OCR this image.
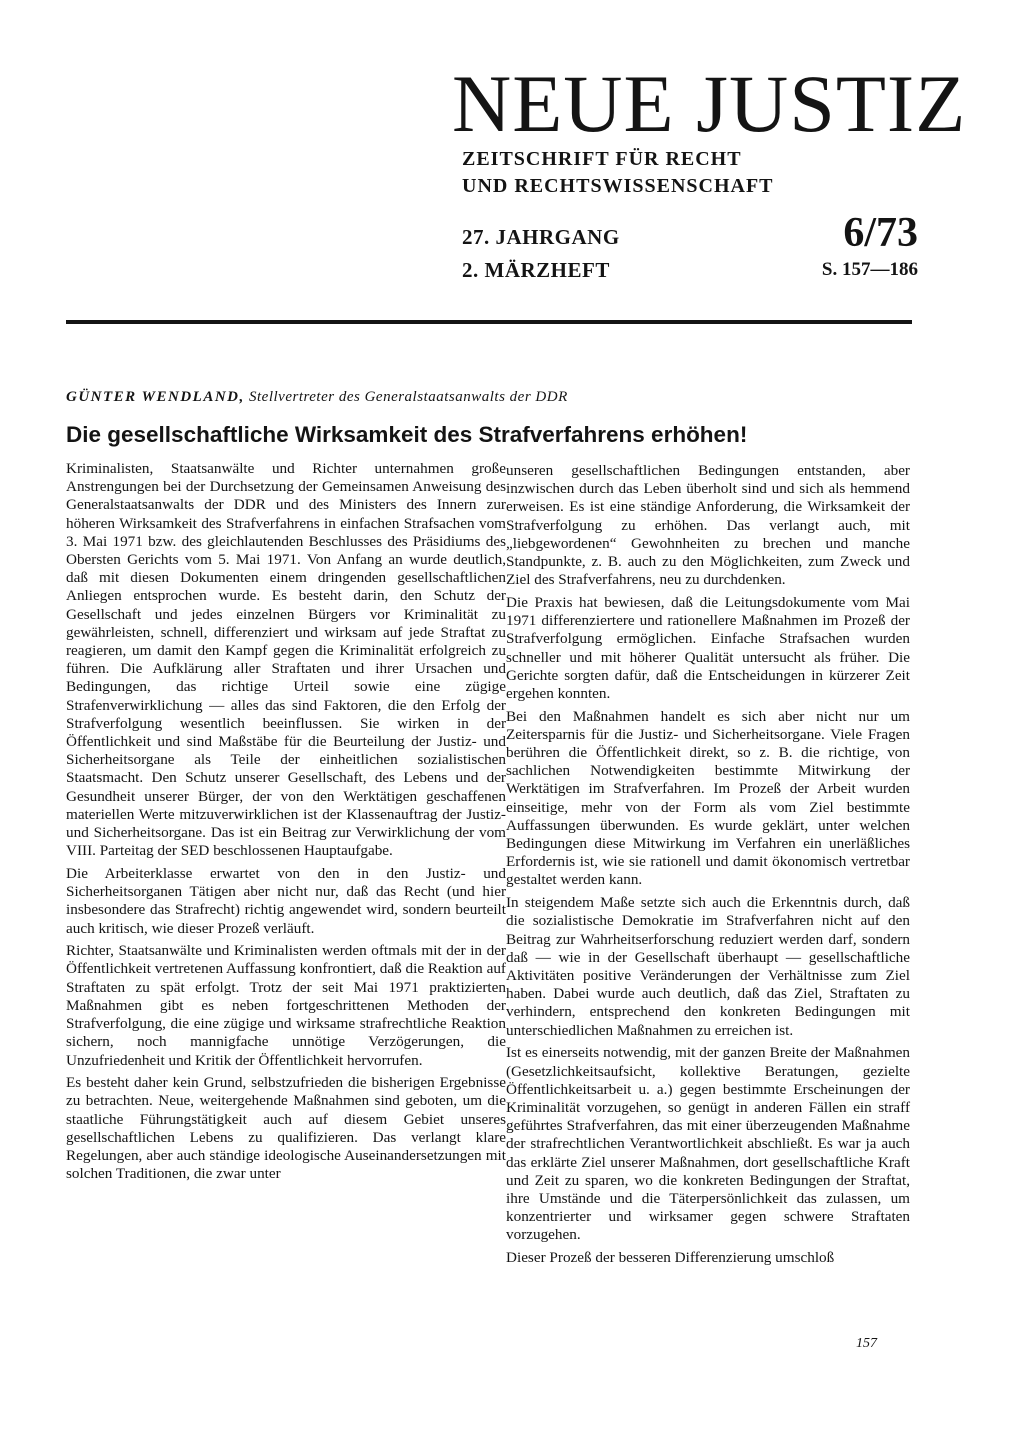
NEUE JUSTIZ
ZEITSCHRIFT FÜR RECHT
UND RECHTSWISSENSCHAFT
27. JAHRGANG
2. MÄRZHEFT
6/73
S. 157—186
GÜNTER WENDLAND, Stellvertreter des Generalstaatsanwalts der DDR
Die gesellschaftliche Wirksamkeit des Strafverfahrens erhöhen!

Kriminalisten, Staatsanwälte und Richter unternahmen große Anstrengungen bei der Durchsetzung der Gemeinsamen Anweisung des Generalstaatsanwalts der DDR und des Ministers des Innern zur höheren Wirksamkeit des Strafverfahrens in einfachen Strafsachen vom 3. Mai 1971 bzw. des gleichlautenden Beschlusses des Präsidiums des Obersten Gerichts vom 5. Mai 1971. Von Anfang an wurde deutlich, daß mit diesen Dokumenten einem dringenden gesellschaftlichen Anliegen entsprochen wurde. Es besteht darin, den Schutz der Gesellschaft und jedes einzelnen Bürgers vor Kriminalität zu gewährleisten, schnell, differenziert und wirksam auf jede Straftat zu reagieren, um damit den Kampf gegen die Kriminalität erfolgreich zu führen. Die Aufklärung aller Straftaten und ihrer Ursachen und Bedingungen, das richtige Urteil sowie eine zügige Strafenverwirklichung — alles das sind Faktoren, die den Erfolg der Strafverfolgung wesentlich beeinflussen. Sie wirken in der Öffentlichkeit und sind Maßstäbe für die Beurteilung der Justiz- und Sicherheitsorgane als Teile der einheitlichen sozialistischen Staatsmacht. Den Schutz unserer Gesellschaft, des Lebens und der Gesundheit unserer Bürger, der von den Werktätigen geschaffenen materiellen Werte mitzuverwirklichen ist der Klassenauftrag der Justiz- und Sicherheitsorgane. Das ist ein Beitrag zur Verwirklichung der vom VIII. Parteitag der SED beschlossenen Hauptaufgabe.

Die Arbeiterklasse erwartet von den in den Justiz- und Sicherheitsorganen Tätigen aber nicht nur, daß das Recht (und hier insbesondere das Strafrecht) richtig angewendet wird, sondern beurteilt auch kritisch, wie dieser Prozeß verläuft.

Richter, Staatsanwälte und Kriminalisten werden oftmals mit der in der Öffentlichkeit vertretenen Auffassung konfrontiert, daß die Reaktion auf Straftaten zu spät erfolgt. Trotz der seit Mai 1971 praktizierten Maßnahmen gibt es neben fortgeschrittenen Methoden der Strafverfolgung, die eine zügige und wirksame strafrechtliche Reaktion sichern, noch mannigfache unnötige Verzögerungen, die Unzufriedenheit und Kritik der Öffentlichkeit hervorrufen.

Es besteht daher kein Grund, selbstzufrieden die bisherigen Ergebnisse zu betrachten. Neue, weitergehende Maßnahmen sind geboten, um die staatliche Führungstätigkeit auch auf diesem Gebiet unseres gesellschaftlichen Lebens zu qualifizieren. Das verlangt klare Regelungen, aber auch ständige ideologische Auseinandersetzungen mit solchen Traditionen, die zwar unter

unseren gesellschaftlichen Bedingungen entstanden, aber inzwischen durch das Leben überholt sind und sich als hemmend erweisen. Es ist eine ständige Anforderung, die Wirksamkeit der Strafverfolgung zu erhöhen. Das verlangt auch, mit „liebgewordenen“ Gewohnheiten zu brechen und manche Standpunkte, z. B. auch zu den Möglichkeiten, zum Zweck und Ziel des Strafverfahrens, neu zu durchdenken.

Die Praxis hat bewiesen, daß die Leitungsdokumente vom Mai 1971 differenziertere und rationellere Maßnahmen im Prozeß der Strafverfolgung ermöglichen. Einfache Strafsachen wurden schneller und mit höherer Qualität untersucht als früher. Die Gerichte sorgten dafür, daß die Entscheidungen in kürzerer Zeit ergehen konnten.

Bei den Maßnahmen handelt es sich aber nicht nur um Zeitersparnis für die Justiz- und Sicherheitsorgane. Viele Fragen berühren die Öffentlichkeit direkt, so z. B. die richtige, von sachlichen Notwendigkeiten bestimmte Mitwirkung der Werktätigen im Strafverfahren. Im Prozeß der Arbeit wurden einseitige, mehr von der Form als vom Ziel bestimmte Auffassungen überwunden. Es wurde geklärt, unter welchen Bedingungen diese Mitwirkung im Verfahren ein unerläßliches Erfordernis ist, wie sie rationell und damit ökonomisch vertretbar gestaltet werden kann.

In steigendem Maße setzte sich auch die Erkenntnis durch, daß die sozialistische Demokratie im Strafverfahren nicht auf den Beitrag zur Wahrheitserforschung reduziert werden darf, sondern daß — wie in der Gesellschaft überhaupt — gesellschaftliche Aktivitäten positive Veränderungen der Verhältnisse zum Ziel haben. Dabei wurde auch deutlich, daß das Ziel, Straftaten zu verhindern, entsprechend den konkreten Bedingungen mit unterschiedlichen Maßnahmen zu erreichen ist.

Ist es einerseits notwendig, mit der ganzen Breite der Maßnahmen (Gesetzlichkeitsaufsicht, kollektive Beratungen, gezielte Öffentlichkeitsarbeit u. a.) gegen bestimmte Erscheinungen der Kriminalität vorzugehen, so genügt in anderen Fällen ein straff geführtes Strafverfahren, das mit einer überzeugenden Maßnahme der strafrechtlichen Verantwortlichkeit abschließt. Es war ja auch das erklärte Ziel unserer Maßnahmen, dort gesellschaftliche Kraft und Zeit zu sparen, wo die konkreten Bedingungen der Straftat, ihre Umstände und die Täterpersönlichkeit das zulassen, um konzentrierter und wirksamer gegen schwere Straftaten vorzugehen.

Dieser Prozeß der besseren Differenzierung umschloß

157
